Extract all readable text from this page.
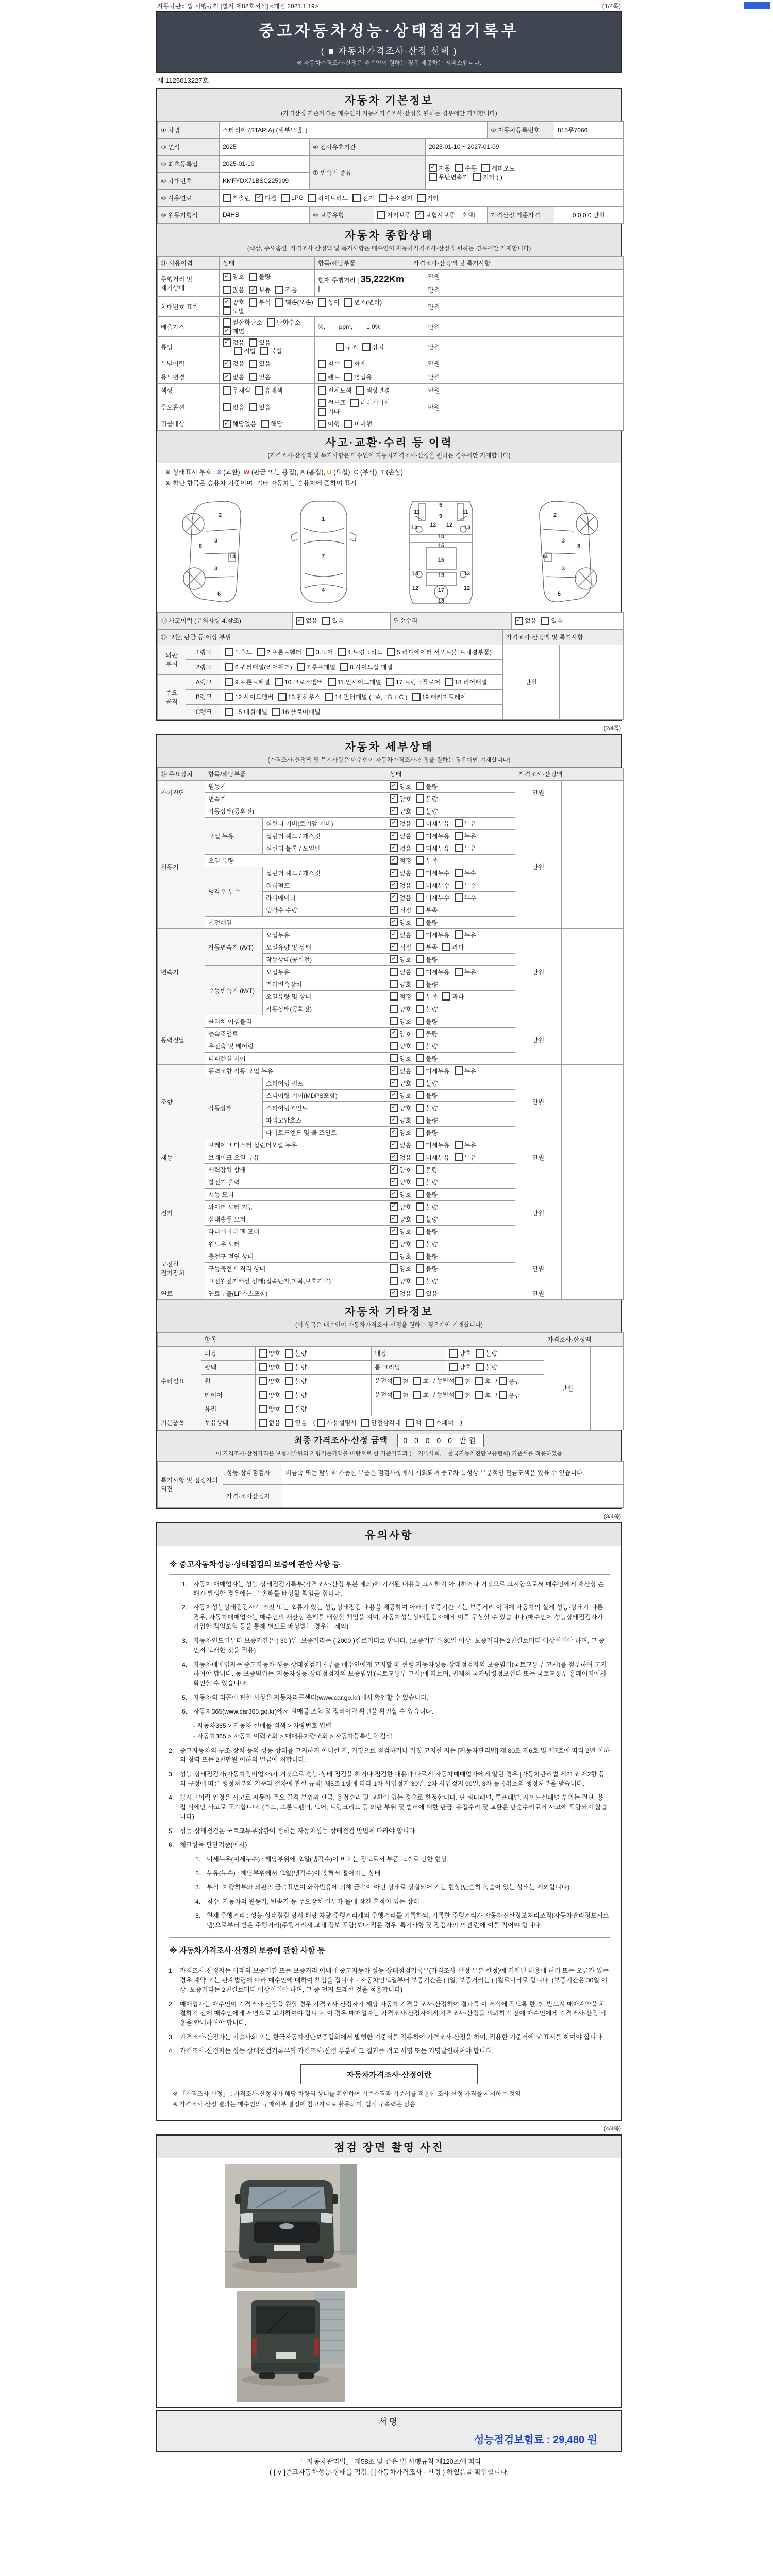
자동차관리법 시행규칙 [별지 제82호서식] <개정 2021.1.19>	(1/4쪽)
중고자동차성능·상태점검기록부
( ■ 자동차가격조사·산정 선택 )
※ 자동차가격조사·산정은 매수인이 원하는 경우 제공하는 서비스입니다.
제 1125013227호
자동차 기본정보
(가격산정 기준가격은 매수인이 자동차가격조사·산정을 원하는 경우에만 기재합니다)
① 차명	스타리아 (STARIA) (세부모델: )				② 자동차등록번호	815무7066
③ 연식	2025	④ 검사유효기간		2025-01-10 ~ 2027-01-09		
⑤ 최초등록일	2025-01-10	⑦ 변속기 종류	
✓ 자동 수동 세미오토

무단변속기 기타 ( )

⑥ 차대번호	KMFYDX71BSC225909					
⑧ 사용연료	가솔린	✓ 디젤 LPG 하이브리드 전기 수소전기 기타

⑨ 원동기형식	D4HB	⑩ 보증유형	자가보증 ✓ 보험사보증 [현대]		가격산정 기준가격	0 0 0 0 만원
자동차 종합상태
(색상, 주요옵션, 가격조사·산정액 및 특기사항은 매수인이 자동차가격조사·산정을 원하는 경우에만 기재합니다)
⑪ 사용이력	상태	항목/해당부품	가격조사·산정액 및 특기사항	
주행거리 및 계기상태	✓ 양호 불량	현재 주행거리 [ 35,222Km ]	만원	

	많음 ✓ 보통 적음		만원	
차대번호 표기	
✓ 양호 부식 훼손(오손) 상이 변조(변타)
도말
	만원	
배출가스	일산화탄소 탄화수소
✓ 매연	%,        ppm,        1.0%	만원	
튜닝	✓ 없음 있음
적법 불법	구조 장치	만원	
특별이력	✓ 없음 있음	침수 화재	만원	
용도변경	✓ 없음 있음	렌트 영업용	만원	
색상	무채색 유채색	전체도색 색상변경	만원	
주요옵션	없음 있음	썬루프 네비게이션
기타	만원	
리콜대상	✓ 해당없음 해당	이행 미이행		

사고·교환·수리 등 이력
(가격조사·산정액 및 특기사항은 매수인이 자동차가격조사·산정을 원하는 경우에만 기재합니다)
※ 상태표시 부호 : X (교환), W (판금 또는 용접), A (흠집), U (요철), C (부식), T (손상)
※ 하단 항목은 승용차 기준이며, 기타 자동차는 승용차에 준하여 표시
2
8
3
14
3
6
1
7
4
5
9
11	11
13	13
12 12
10
15
16
19
13	13
12	12
17
18
2
8
3
14
3
6
⑫ 사고이력 (유의사항 4.참조)	✓ 없음 있음	단순수리	✓ 없음 있음
⑬ 교환, 판금 등 이상 부위			가격조사·산정액 및 특기사항	
외판 부위	1랭크	1.후드 2.프론트휀더 3.도어 4.트렁크리드 5.라디에이터 서포트(볼트체결부품)	만원	
	2랭크	6.쿼터패널(리어휀더) 7.루프패널 8.사이드실 패널		

주요 골격	A랭크	9.프론트패널 10.크로스멤버 11.인사이드패널 17.트렁크플로어 18.리어패널		

	B랭크	12.사이드멤버 13.휠하우스 14.필러패널 ( □A, □B, □C ) 19.패키지트레이		

	C랭크	15.대쉬패널 16.플로어패널		
(2/4쪽)
자동차 세부상태
(가격조사·산정액 및 특기사항은 매수인이 자동차가격조사·산정을 원하는 경우에만 기재합니다)
⑭ 주요장치	항목/해당부품		상태	가격조사·산정액	
자기진단	원동기		✓ 양호 불량	만원	
	변속기		✓ 양호 불량		

원동기	작동상태(공회전)		✓ 양호 불량	만원	
	오일 누유	실린더 커버(로커암 커버)	✓ 없음 미세누유 누유		

		실린더 헤드 / 개스킷	✓ 없음 미세누유 누유		

		실린더 블록 / 오일팬	✓ 없음 미세누유 누유		

	오일 유량		✓ 적정 부족		

	냉각수 누수	실린더 헤드 / 개스킷	✓ 없음 미세누수 누수		

		워터펌프	✓ 없음 미세누수 누수		

		라디에이터	✓ 없음 미세누수 누수		

		냉각수 수량	✓ 적정 부족		

	커먼레일		✓ 양호 불량		

변속기	자동변속기 (A/T)	오일누유	✓ 없음 미세누유 누유	만원	
		오일유량 및 상태	✓ 적정 부족 과다		

		작동상태(공회전)	✓ 양호 불량		

	수동변속기 (M/T)	오일누유	없음 미세누유 누유		

		기어변속장치	양호 불량		

		오일유량 및 상태	적정 부족 과다		

		작동상태(공회전)	양호 불량		

동력전달	클러치 어셈블리		양호 불량	만원	
	등속조인트		✓ 양호 불량		

	추진축 및 베어링		양호 불량		

	디퍼렌셜 기어		양호 불량		

조향	동력조향 작동 오일 누유		✓ 없음 미세누유 누유	만원	
	작동상태	스티어링 펌프	✓ 양호 불량		

		스티어링 기어(MDPS포함)	✓ 양호 불량		

		스티어링조인트	✓ 양호 불량		

		파워고압호스	✓ 양호 불량		

		타이로드엔드 및 볼 조인트	✓ 양호 불량		

제동	브레이크 마스터 실린더오일 누유		✓ 없음 미세누유 누유	만원	
	브레이크 오일 누유		✓ 없음 미세누유 누유		

	배력장치 상태		✓ 양호 불량		

전기	발전기 출력		✓ 양호 불량	만원	
	시동 모터		✓ 양호 불량		

	와이퍼 모터 기능		✓ 양호 불량		

	실내송풍 모터		✓ 양호 불량		

	라디에이터 팬 모터		✓ 양호 불량		

	윈도우 모터		✓ 양호 불량		

고전원 전기장치	충전구 절연 상태		양호 불량	만원	
	구동축전지 격리 상태		양호 불량		

	고전원전기배선 상태(접속단자,피복,보호기구)		양호 불량		

연료	연료누출(LP가스포함)		✓ 없음 있음	만원	
자동차 기타정보
(이 항목은 매수인이 자동차가격조사·산정을 원하는 경우에만 기재합니다)
	항목				가격조사·산정액	
수리필요	외장	양호 불량	내장	양호 불량	만원	
	광택	양호 불량	룸 크리닝	양호 불량		

휠	양호 불량	운전석 전 후 / 동반석 전 후 / 응급

타이어	양호 불량	운전석 전 후 / 동반석 전 후 / 응급

	유리	양호 불량				

기본품목	보유상태	없음 있음 ( 사용설명서 안전삼각대 잭 스패너 )
최종 가격조사·산정 금액 0 0 0 0 0 만원
이 가격조사·산정가격은 보험개발원의 차량기준가액을 바탕으로 한 기준가격과 ( □ 기술사회, □ 한국자동차진단보증협회) 기준서를 적용하였음
특기사항 및 점검자의 의견	성능·상태점검자	비금속 또는 탈부착 가능한 부품은 점검사항에서 제외되며 중고차 특성상 부분적인 판금도색은 있을 수 있습니다.
	가격·조사산정자	
(3/4쪽)
유의사항
※ 중고자동차성능·상태점검의 보증에 관한 사항 등
1. 자동차 매매업자는 성능·상태점검기록부(가격조사·산정 부분 제외)에 기재된 내용을 고지하지 아니하거나 거짓으로 고지함으로써 매수인에게 재산상 손해가 발생한 경우에는 그 손해를 배상할 책임을 집니다.
2. 자동차성능상태점검자가 거짓 또는 오류가 있는 성능상태점검 내용을 제공하여 아래의 보증기간 또는 보증거리 이내에 자동차의 실제 성능·상태가 다른 경우, 자동차매매업자는 매수인의 재산상 손해를 배상할 책임을 지며, 자동차성능상태점검자에게 이를 구상할 수 있습니다.(매수인이 성능상태점검자가 가입한 책임보험 등을 통해 별도로 배상받는 경우는 제외)
3. 자동차인도일부터 보증기간은 ( 30 )일, 보증거리는 ( 2000 )킬로미터로 합니다. (보증기간은 30일 이상, 보증거리는 2천킬로미터 이상이어야 하며, 그 중 먼저 도래한 것을 적용)
4. 자동차매매업자는 중고자동차 성능·상태점검기록부를 매수인에게 고지할 때 현행 자동차성능·상태점검자의 보증범위(국토교통부 고시)를 첨부하여 고지하여야 합니다. 동 보증범위는 '자동차성능·상태점검자의 보증범위'(국토교통부 고시)에 따르며, 법제처 국가법령정보센터 또는 국토교통부 홈페이지에서 확인할 수 있습니다.
5. 자동차의 리콜에 관한 사항은 자동차리콜센터(www.car.go.kr)에서 확인할 수 있습니다.
6. 자동차365(www.car365.go.kr)에서 실매물 조회 및 정비이력 확인을 확인할 수 있습니다.
- 자동차365 > 자동차 실매물 검색 > 차량번호 입력
- 자동차365 > 자동차 이력조회 > 매매용차량조회 > 자동차등록번호 검색
2. 중고자동차의 구조·장치 등의 성능·상태를 고지하지 아니한 자, 거짓으로 점검하거나 거짓 고지한 자는 [자동차관리법] 제 80조 제6호 및 제7호에 따라 2년 이하의 징역 또는 2천만원 이하의 벌금에 처합니다.
3. 성능·상태점검자(자동차정비업자)가 거짓으로 성능·상태 점검을 하거나 점검한 내용과 다르게 자동차매매업자에게 알린 경우 [자동차관리법 제21조 제2항 등의 규정에 따른 행정처분의 기준과 절차에 관한 규칙] 제5조 1항에 따라 1차 사업정지 30일, 2차 사업정지 90일, 3차 등록취소의 행정처분을 받습니다.
4. ⑫사고이력 인정은 사고로 자동차 주요 골격 부위의 판금, 용접수리 및 교환이 있는 경우로 한정합니다. 단 쿼터패널, 루프패널, 사이드실패널 부위는 절단, 용접 시에만 사고로 표기합니다. (후드, 프론트펜더, 도어, 트렁크리드 등 외판 부위 및 범퍼에 대한 판금, 용접수리 및 교환은 단순수리로서 사고에 포함되지 않습니다)
5. 성능·상태점검은 국토교통부장관이 정하는 자동차성능·상태점검 방법에 따라야 합니다.
6. 체크항목 판단기준(예시)
1. 미세누유(미세누수) : 해당부위에 오일(냉각수)이 비치는 정도로서 부품 노후로 인한 현상
2. 누유(누수) : 해당부위에서 오일(냉각수)이 맺혀서 떨어지는 상태
3. 부식: 차량하부와 외판의 금속표면이 화학반응에 의해 금속이 아닌 상태로 상실되어 가는 현상(단순히 녹슬어 있는 상태는 제외합니다)
4. 침수: 자동차의 원동기, 변속기 등 주요장치 일부가 물에 잠긴 흔적이 있는 상태
5. 현재 주행거리 : 성능·상태점검 당시 해당 차량 주행거리계의 주행거리를 기록하되, 기록한 주행거리가 자동차전산정보처리조직(자동차관리정보시스템)으로부터 받은 주행거리(주행거리계 교체 정보 포함)보다 적은 경우 '특기사항 및 점검자의 의견'란에 이를 적어야 합니다.
※ 자동차가격조사·산정의 보증에 관한 사항 등
1. 가격조사·산정자는 아래의 보증기간 또는 보증거리 이내에 중고자동차 성능·상태점검기록부(가격조사·산정 부분 한정)에 기재된 내용에 허위 또는 오류가 있는 경우 계약 또는 관계법령에 따라 매수인에 대하여 책임을 집니다. · 자동차인도일부터 보증기간은 ( )일, 보증거리는 ( )킬로미터로 합니다. (보증기간은 30일 이상, 보증거리는 2천킬로미터 이상이어야 하며, 그 중 먼저 도래한 것을 적용합니다)
2. 매매업자는 매수인이 가격조사·산정을 원할 경우 가격조사·산정자가 해당 자동차 가격을 조사·산정하여 결과를 이 서식에 적도록 한 후, 반드시 매매계약을 체결하기 전에 매수인에게 서면으로 고지하여야 합니다. 이 경우 매매업자는 가격조사·산정자에게 가격조사·산정을 의뢰하기 전에 매수인에게 가격조사·산정 비용을 안내하여야 합니다.
3. 가격조사·산정자는 기술사회 또는 한국자동차진단보증협회에서 발행한 기준서를 적용하여 가격조사·산정을 하며, 적용한 기준서에 '√' 표시를 하여야 합니다.
4. 가격조사·산정자는 성능·상태점검기록부의 가격조사·산정 부분에 그 결과를 적고 서명 또는 기명날인하여야 합니다.
자동차가격조사·산정이란
※ 「가격조사·산정」 : 가격조사·산정자가 해당 차량의 상태를 확인하여 기준가격과 기준서를 적용한 조사·산정 가격을 제시하는 것임
※ 가격조사·산정 결과는 매수인의 구매여부 결정에 참고자료로 활용되며, 법적 구속력은 없음
(4/4쪽)
점검 장면 촬영 사진
서명
성능점검보험료 : 29,480 원
「「자동차관리법」 제58조 및 같은 법 시행규칙 제120조에 따라
( [ V ]중고자동차성능·상태를 점검, [ ]자동차가격조사 · 산정 ) 하였음을 확인합니다.
